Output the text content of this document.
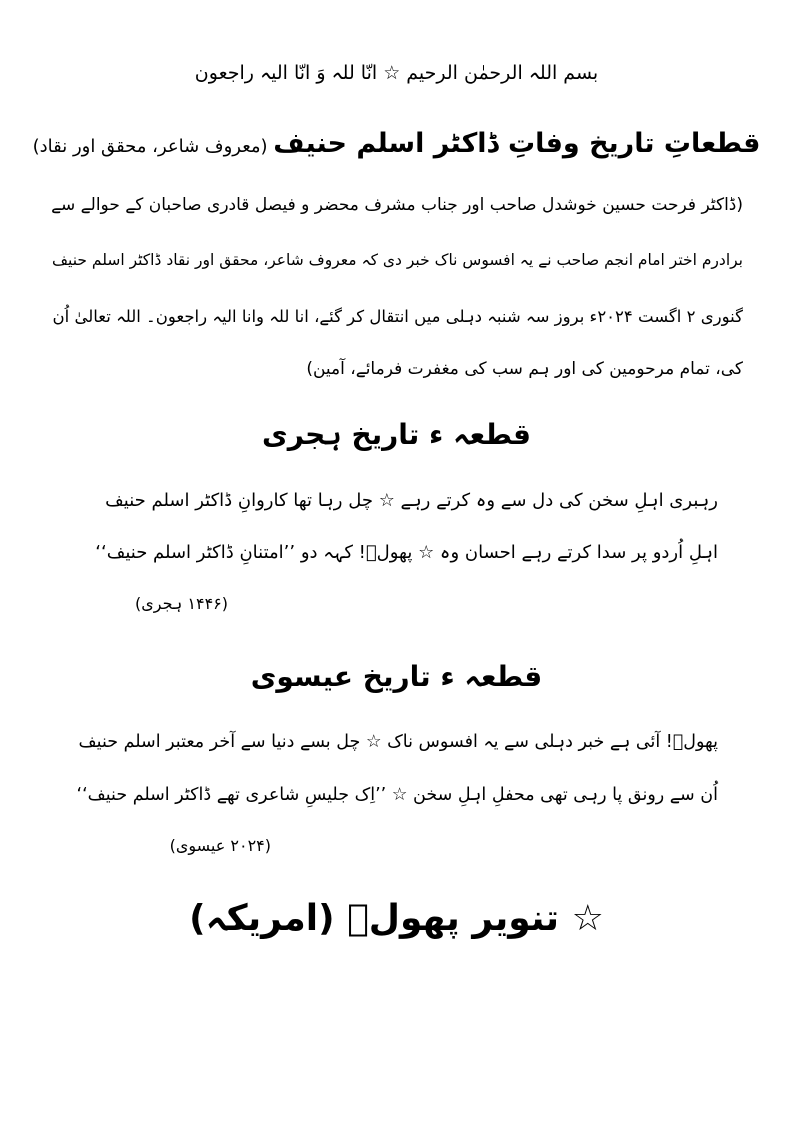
بسم اللہ الرحمٰن الرحیم ☆ انّا للہ وَ انّا الیہ راجعون
قطعاتِ تاریخ وفاتِ ڈاکٹر اسلم حنیف (معروف شاعر، محقق اور نقاد)
(ڈاکٹر فرحت حسین خوشدل صاحب اور جناب مشرف محضر و فیصل قادری صاحبان کے حوالے سے
برادرم اختر امام انجم صاحب نے یہ افسوس ناک خبر دی کہ معروف شاعر، محقق اور نقاد ڈاکٹر اسلم حنیف
گنوری ۲ اگست ۲۰۲۴ء بروز سہ شنبہ دہلی میں انتقال کر گئے، انا للہ وانا الیہ راجعون۔ اللہ تعالیٰ اُن
کی، تمام مرحومین کی اور ہم سب کی مغفرت فرمائے، آمین)
قطعہ ء تاریخ ہجری
رہبری اہلِ سخن کی دل سے وہ کرتے رہے ☆ چل رہا تھا کاروانِ ڈاکٹر اسلم حنیف
اہلِ اُردو پر سدا کرتے رہے احسان وہ ☆ پھولؔ! کہہ دو ’’امتنانِ ڈاکٹر اسلم حنیف‘‘
(۱۴۴۶ ہجری)
قطعہ ء تاریخ عیسوی
پھولؔ! آئی ہے خبر دہلی سے یہ افسوس ناک ☆ چل بسے دنیا سے آخر معتبر اسلم حنیف
اُن سے رونق پا رہی تھی محفلِ اہلِ سخن ☆ ’’اِک جلیسِ شاعری تھے ڈاکٹر اسلم حنیف‘‘
(۲۰۲۴ عیسوی)
☆ تنویر پھولؔ (امریکہ)
